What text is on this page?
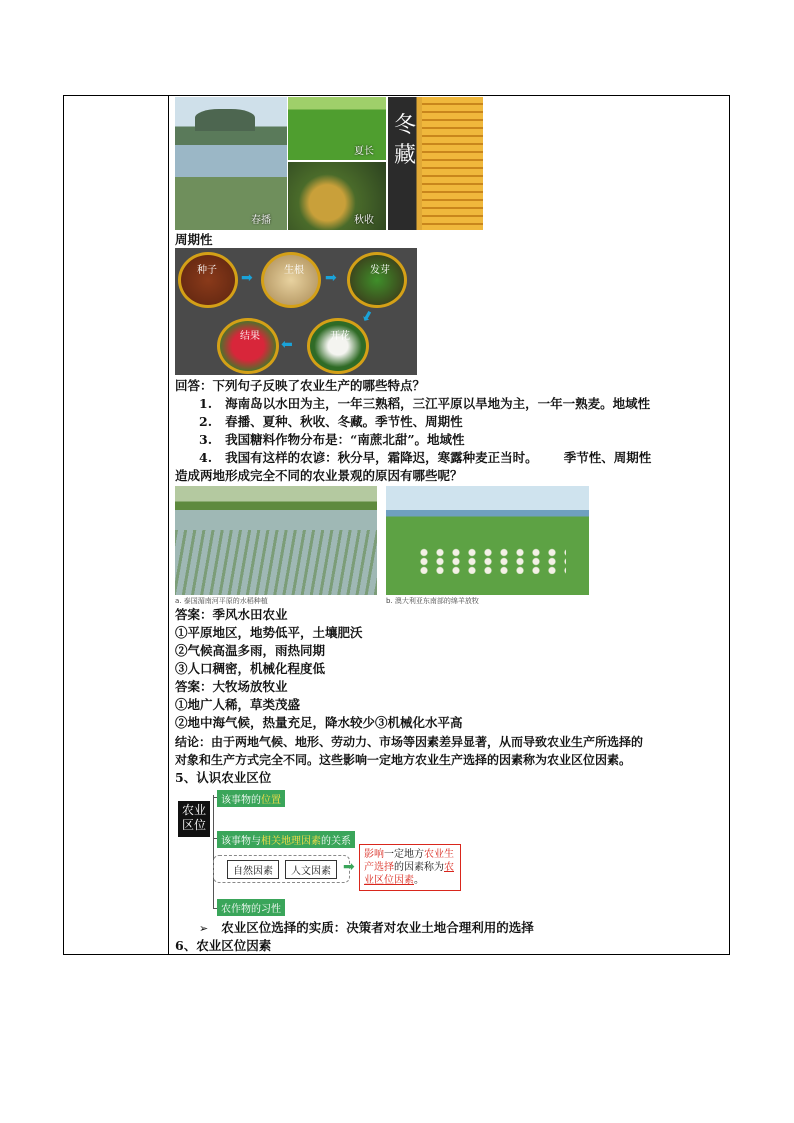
春播
夏长
秋收
冬藏
周期性
种子 ➡	生根 ➡	发芽
➡
开花
➡
结果
回答：下列句子反映了农业生产的哪些特点？
1. 海南岛以水田为主，一年三熟稻，三江平原以旱地为主，一年一熟麦。地域性
2. 春播、夏种、秋收、冬藏。季节性、周期性
3. 我国糖料作物分布是：“南蔗北甜”。地域性
4. 我国有这样的农谚：秋分早，霜降迟，寒露种麦正当时。      季节性、周期性
造成两地形成完全不同的农业景观的原因有哪些呢？
a. 泰国湄南河平原的水稻种植	b. 澳大利亚东南部的绵羊放牧
答案：季风水田农业
①平原地区，地势低平，土壤肥沃
②气候高温多雨，雨热同期
③人口稠密，机械化程度低
答案：大牧场放牧业
①地广人稀，草类茂盛
②地中海气候，热量充足，降水较少③机械化水平高
结论：由于两地气候、地形、劳动力、市场等因素差异显著，从而导致农业生产所选择的
对象和生产方式完全不同。这些影响一定地方农业生产选择的因素称为农业区位因素。
5、认识农业区位
农业区位
该事物的位置
该事物与相关地理因素的关系
自然因素	人文因素 ➡
影响一定地方农业生产选择的因素称为农业区位因素。
农作物的习性
➢ 农业区位选择的实质：决策者对农业土地合理利用的选择
6、农业区位因素
